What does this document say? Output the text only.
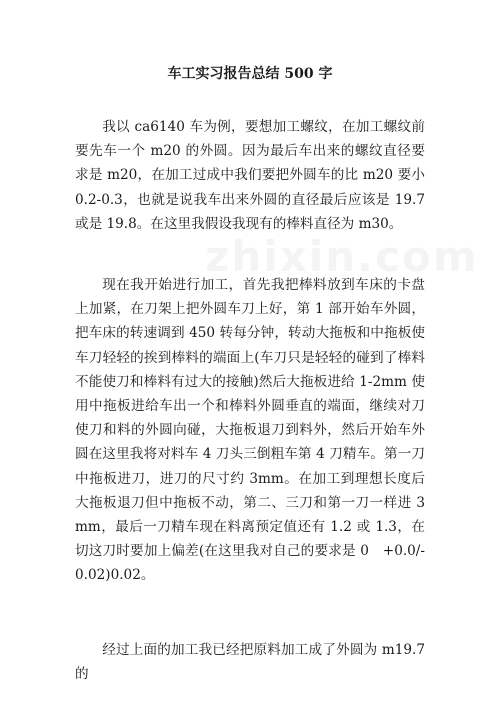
车工实习报告总结 500 字

我以 ca6140 车为例，要想加工螺纹，在加工螺纹前要先车一个 m20 的外圆。因为最后车出来的螺纹直径要求是 m20，在加工过成中我们要把外圆车的比 m20 要小 0.2-0.3，也就是说我车出来外圆的直径最后应该是 19.7 或是 19.8。在这里我假设我现有的棒料直径为 m30。

现在我开始进行加工，首先我把棒料放到车床的卡盘上加紧，在刀架上把外圆车刀上好，第 1 部开始车外圆，把车床的转速调到 450 转每分钟，转动大拖板和中拖板使车刀轻轻的挨到棒料的端面上(车刀只是轻轻的碰到了棒料不能使刀和棒料有过大的接触)然后大拖板进给 1-2mm 使用中拖板进给车出一个和棒料外圆垂直的端面，继续对刀使刀和料的外圆向碰，大拖板退刀到料外，然后开始车外圆在这里我将对料车 4 刀头三倒粗车第 4 刀精车。第一刀中拖板进刀，进刀的尺寸约 3mm。在加工到理想长度后大拖板退刀但中拖板不动，第二、三刀和第一刀一样进 3mm，最后一刀精车现在料离预定值还有 1.2 或 1.3，在切这刀时要加上偏差(在这里我对自己的要求是 0　+0.0/-0.02)0.02。

经过上面的加工我已经把原料加工成了外圆为 m19.7 的
